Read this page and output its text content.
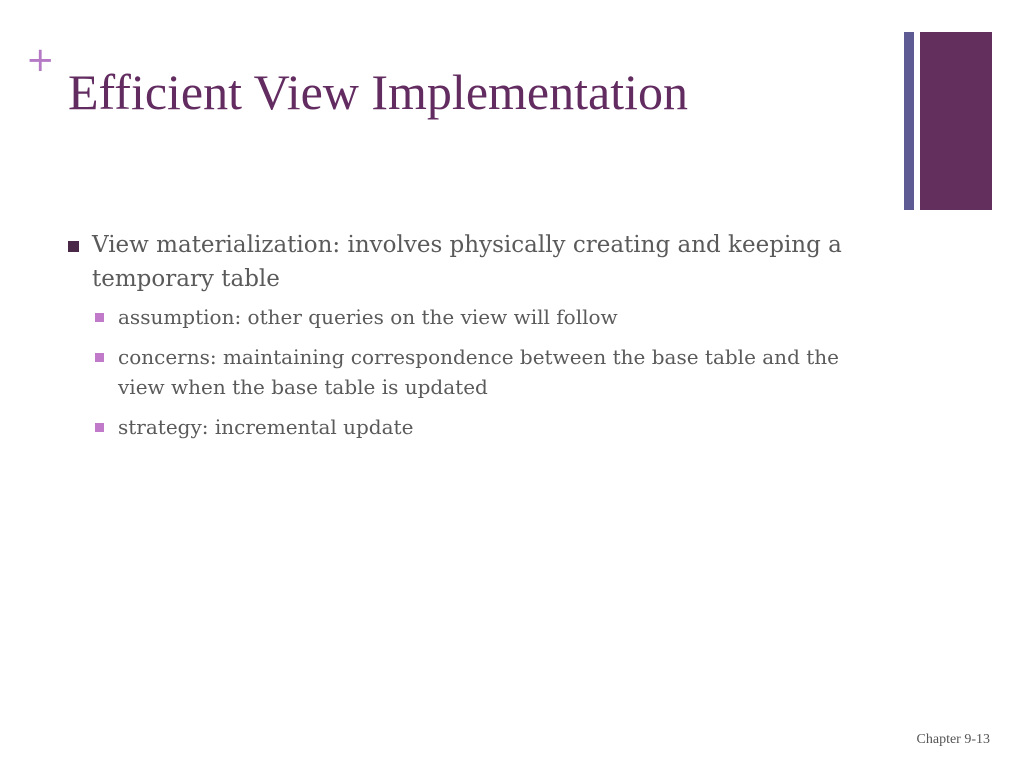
+
Efficient View Implementation
View materialization: involves physically creating and keeping a temporary table
assumption: other queries on the view will follow
concerns: maintaining correspondence between the base table and the view when the base table is updated
strategy: incremental update
Chapter 9-13
